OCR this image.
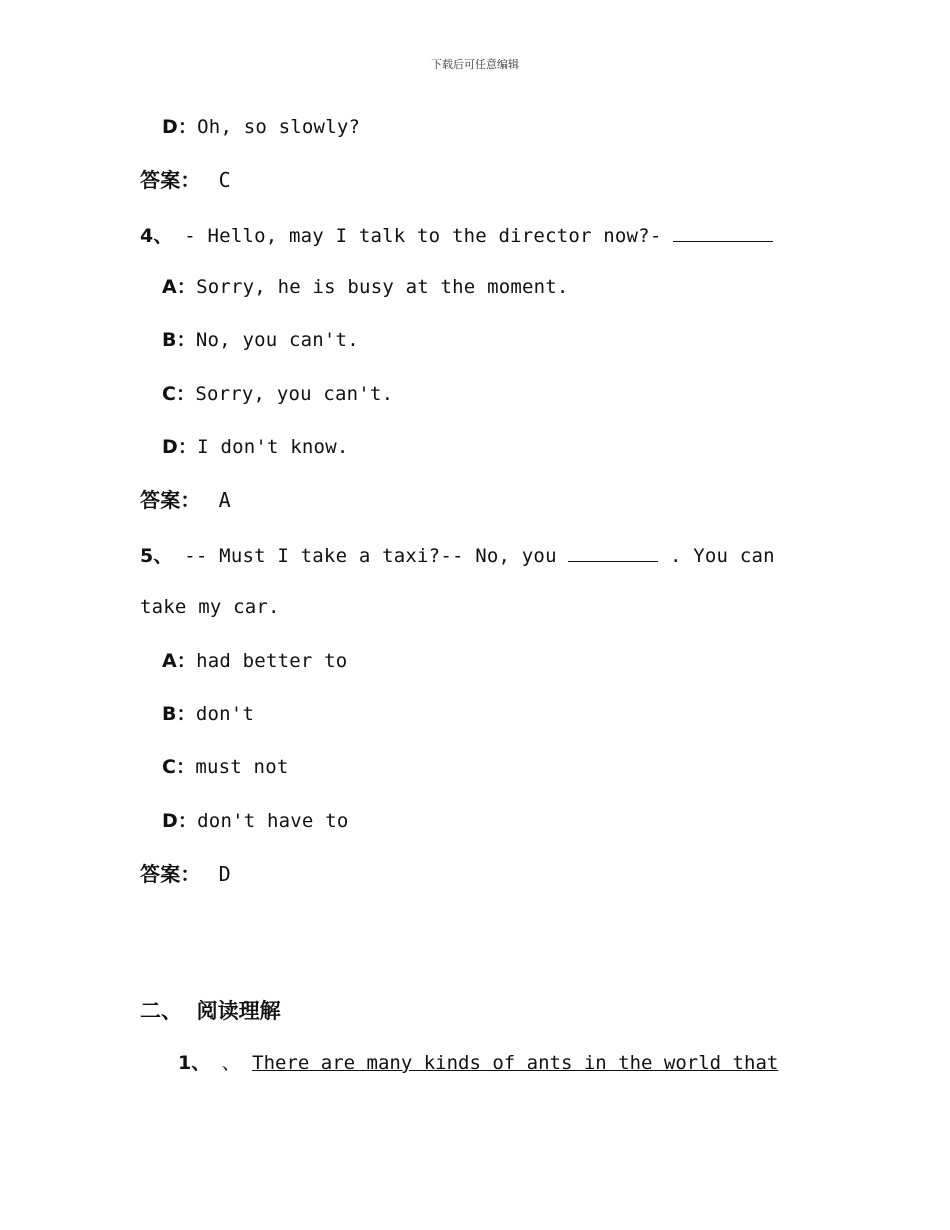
下载后可任意编辑
D：Oh, so slowly?
答案： C
4、 - Hello, may I talk to the director now?-
A：Sorry, he is busy at the moment.
B：No, you can't.
C：Sorry, you can't.
D：I don't know.
答案： A
5、 -- Must I take a taxi?-- No, you	. You can
take my car.
A：had better to
B：don't
C：must not
D：don't have to
答案： D
二、  阅读理解
1、 、 There are many kinds of ants in the world that
